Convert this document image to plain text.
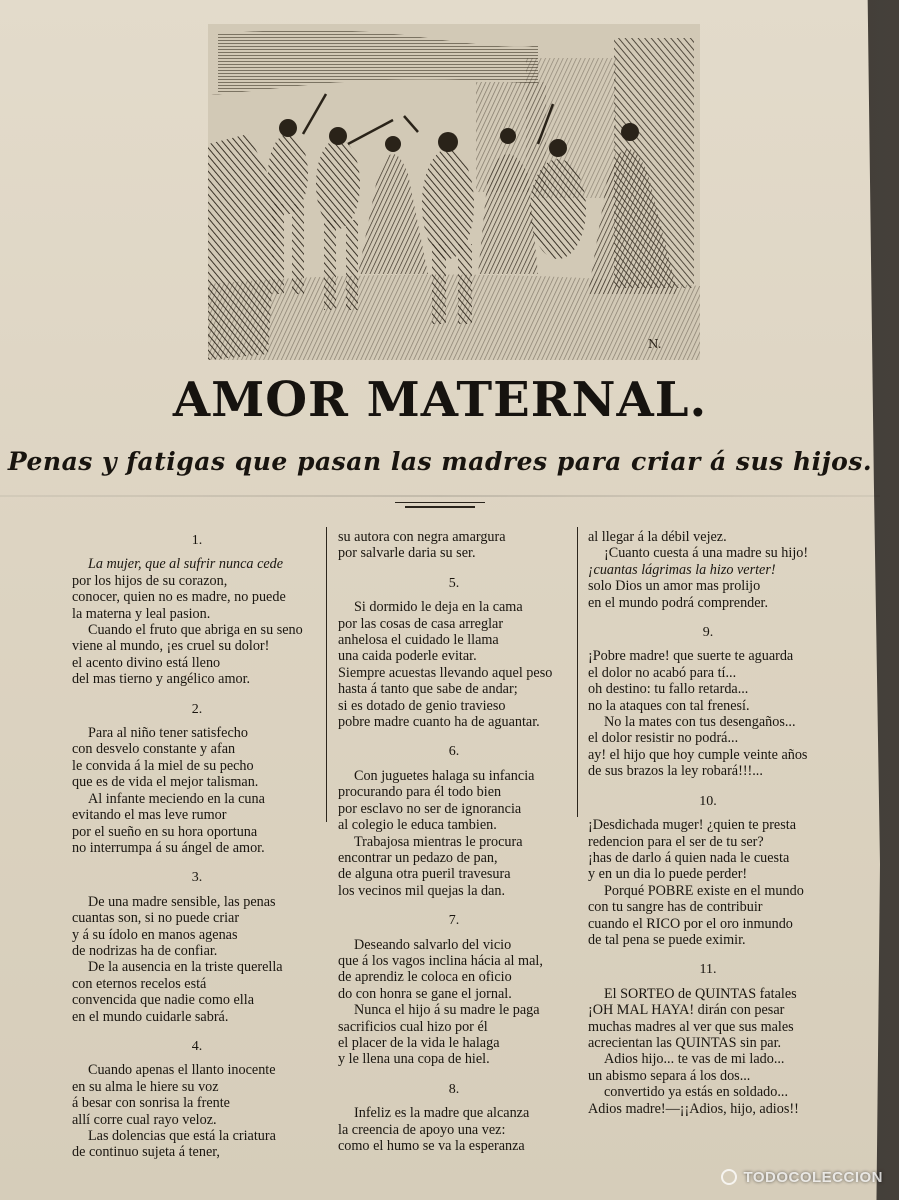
N.
AMOR MATERNAL.
Penas y fatigas que pasan las madres para criar á sus hijos.
1.
La mujer, que al sufrir nunca cede
por los hijos de su corazon,
conocer, quien no es madre, no puede
la materna y leal pasion.
Cuando el fruto que abriga en su seno
viene al mundo, ¡es cruel su dolor!
el acento divino está lleno
del mas tierno y angélico amor.
2.
Para al niño tener satisfecho
con desvelo constante y afan
le convida á la miel de su pecho
que es de vida el mejor talisman.
Al infante meciendo en la cuna
evitando el mas leve rumor
por el sueño en su hora oportuna
no interrumpa á su ángel de amor.
3.
De una madre sensible, las penas
cuantas son, si no puede criar
y á su ídolo en manos agenas
de nodrizas ha de confiar.
De la ausencia en la triste querella
con eternos recelos está
convencida que nadie como ella
en el mundo cuidarle sabrá.
4.
Cuando apenas el llanto inocente
en su alma le hiere su voz
á besar con sonrisa la frente
allí corre cual rayo veloz.
Las dolencias que está la criatura
de continuo sujeta á tener,
su autora con negra amargura
por salvarle daria su ser.
5.
Si dormido le deja en la cama
por las cosas de casa arreglar
anhelosa el cuidado le llama
una caida poderle evitar.
Siempre acuestas llevando aquel peso
hasta á tanto que sabe de andar;
si es dotado de genio travieso
pobre madre cuanto ha de aguantar.
6.
Con juguetes halaga su infancia
procurando para él todo bien
por esclavo no ser de ignorancia
al colegio le educa tambien.
Trabajosa mientras le procura
encontrar un pedazo de pan,
de alguna otra pueril travesura
los vecinos mil quejas la dan.
7.
Deseando salvarlo del vicio
que á los vagos inclina hácia al mal,
de aprendiz le coloca en oficio
do con honra se gane el jornal.
Nunca el hijo á su madre le paga
sacrificios cual hizo por él
el placer de la vida le halaga
y le llena una copa de hiel.
8.
Infeliz es la madre que alcanza
la creencia de apoyo una vez:
como el humo se va la esperanza
al llegar á la débil vejez.
¡Cuanto cuesta á una madre su hijo!
¡cuantas lágrimas la hizo verter!
solo Dios un amor mas prolijo
en el mundo podrá comprender.
9.
¡Pobre madre! que suerte te aguarda
el dolor no acabó para tí...
oh destino: tu fallo retarda...
no la ataques con tal frenesí.
No la mates con tus desengaños...
el dolor resistir no podrá...
ay! el hijo que hoy cumple veinte años
de sus brazos la ley robará!!!...
10.
¡Desdichada muger! ¿quien te presta
redencion para el ser de tu ser?
¡has de darlo á quien nada le cuesta
y en un dia lo puede perder!
Porqué POBRE existe en el mundo
con tu sangre has de contribuir
cuando el RICO por el oro inmundo
de tal pena se puede eximir.
11.
El SORTEO de QUINTAS fatales
¡OH MAL HAYA! dirán con pesar
muchas madres al ver que sus males
acrecientan las QUINTAS sin par.
Adios hijo... te vas de mi lado...
un abismo separa á los dos...
convertido ya estás en soldado...
Adios madre!—¡¡Adios, hijo, adios!!
TODOCOLECCION
